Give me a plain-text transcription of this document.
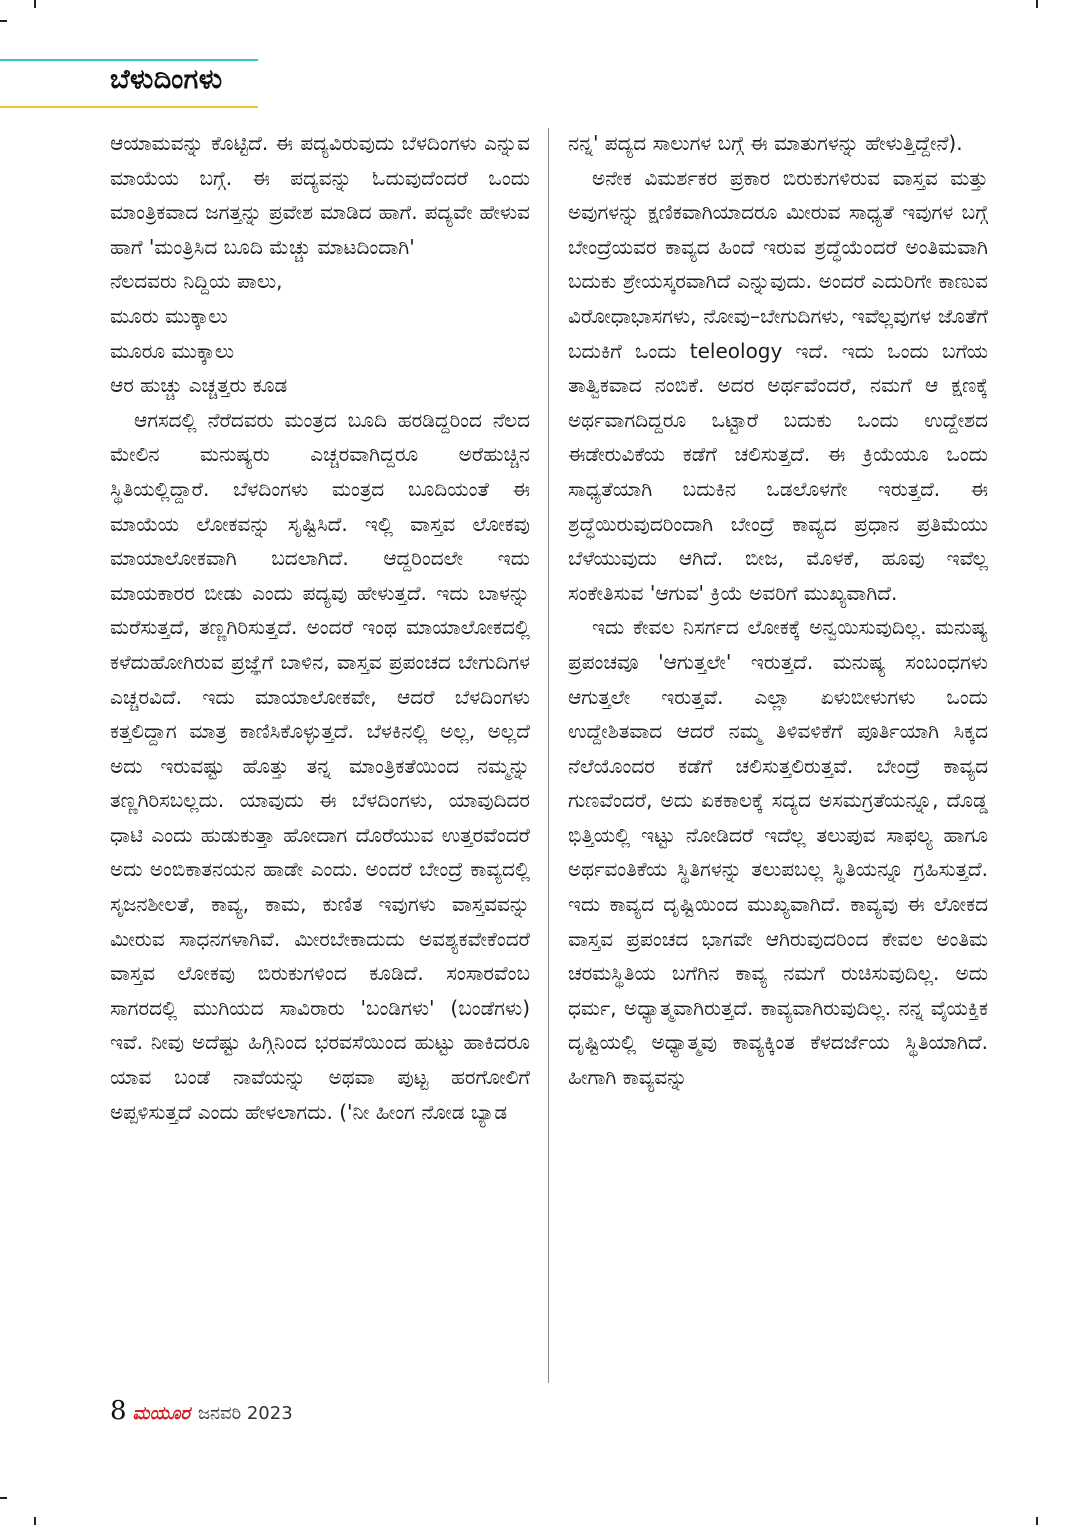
ಬೆಳುದಿಂಗಳು

ಆಯಾಮವನ್ನು ಕೊಟ್ಟಿದೆ. ಈ ಪದ್ಯವಿರುವುದು ಬೆಳದಿಂಗಳು ಎನ್ನುವ ಮಾಯೆಯ ಬಗ್ಗೆ. ಈ ಪದ್ಯವನ್ನು ಓದುವುದೆಂದರೆ ಒಂದು ಮಾಂತ್ರಿಕವಾದ ಜಗತ್ತನ್ನು ಪ್ರವೇಶ ಮಾಡಿದ ಹಾಗೆ. ಪದ್ಯವೇ ಹೇಳುವ ಹಾಗೆ 'ಮಂತ್ರಿಸಿದ ಬೂದಿ ಮೆಚ್ಚು ಮಾಟದಿಂದಾಗಿ'

ನೆಲದವರು ನಿದ್ದಿಯ ಪಾಲು,

ಮೂರು ಮುಕ್ಕಾಲು

ಮೂರೂ ಮುಕ್ಕಾಲು

ಆರ ಹುಚ್ಚು ಎಚ್ಚತ್ತರು ಕೂಡ

ಆಗಸದಲ್ಲಿ ನೆರೆದವರು ಮಂತ್ರದ ಬೂದಿ ಹರಡಿದ್ದರಿಂದ ನೆಲದ ಮೇಲಿನ ಮನುಷ್ಯರು ಎಚ್ಚರವಾಗಿದ್ದರೂ ಅರೆಹುಚ್ಚಿನ ಸ್ಥಿತಿಯಲ್ಲಿದ್ದಾರೆ. ಬೆಳದಿಂಗಳು ಮಂತ್ರದ ಬೂದಿಯಂತೆ ಈ ಮಾಯೆಯ ಲೋಕವನ್ನು ಸೃಷ್ಟಿಸಿದೆ. ಇಲ್ಲಿ ವಾಸ್ತವ ಲೋಕವು ಮಾಯಾಲೋಕವಾಗಿ ಬದಲಾಗಿದೆ. ಆದ್ದರಿಂದಲೇ ಇದು ಮಾಯಕಾರರ ಬೀಡು ಎಂದು ಪದ್ಯವು ಹೇಳುತ್ತದೆ. ಇದು ಬಾಳನ್ನು ಮರೆಸುತ್ತದೆ, ತಣ್ಣಗಿರಿಸುತ್ತದೆ. ಅಂದರೆ ಇಂಥ ಮಾಯಾಲೋಕದಲ್ಲಿ ಕಳೆದುಹೋಗಿರುವ ಪ್ರಜ್ಞೆಗೆ ಬಾಳಿನ, ವಾಸ್ತವ ಪ್ರಪಂಚದ ಬೇಗುದಿಗಳ ಎಚ್ಚರವಿದೆ. ಇದು ಮಾಯಾಲೋಕವೇ, ಆದರೆ ಬೆಳದಿಂಗಳು ಕತ್ತಲಿದ್ದಾಗ ಮಾತ್ರ ಕಾಣಿಸಿಕೊಳ್ಳುತ್ತದೆ. ಬೆಳಕಿನಲ್ಲಿ ಅಲ್ಲ, ಅಲ್ಲದೆ ಅದು ಇರುವಷ್ಟು ಹೊತ್ತು ತನ್ನ ಮಾಂತ್ರಿಕತೆಯಿಂದ ನಮ್ಮನ್ನು ತಣ್ಣಗಿರಿಸಬಲ್ಲದು. ಯಾವುದು ಈ ಬೆಳದಿಂಗಳು, ಯಾವುದಿದರ ಧಾಟಿ ಎಂದು ಹುಡುಕುತ್ತಾ ಹೋದಾಗ ದೊರೆಯುವ ಉತ್ತರವೆಂದರೆ ಅದು ಅಂಬಿಕಾತನಯನ ಹಾಡೇ ಎಂದು. ಅಂದರೆ ಬೇಂದ್ರೆ ಕಾವ್ಯದಲ್ಲಿ ಸೃಜನಶೀಲತೆ, ಕಾವ್ಯ, ಕಾಮ, ಕುಣಿತ ಇವುಗಳು ವಾಸ್ತವವನ್ನು ಮೀರುವ ಸಾಧನಗಳಾಗಿವೆ. ಮೀರಬೇಕಾದುದು ಅವಶ್ಯಕವೇಕೆಂದರೆ ವಾಸ್ತವ ಲೋಕವು ಬಿರುಕುಗಳಿಂದ ಕೂಡಿದೆ. ಸಂಸಾರವೆಂಬ ಸಾಗರದಲ್ಲಿ ಮುಗಿಯದ ಸಾವಿರಾರು 'ಬಂಡಿಗಳು' (ಬಂಡೆಗಳು) ಇವೆ. ನೀವು ಅದೆಷ್ಟು ಹಿಗ್ಗಿನಿಂದ ಭರವಸೆಯಿಂದ ಹುಟ್ಟು ಹಾಕಿದರೂ ಯಾವ ಬಂಡೆ ನಾವೆಯನ್ನು ಅಥವಾ ಪುಟ್ಟ ಹರಗೋಲಿಗೆ ಅಪ್ಪಳಿಸುತ್ತದೆ ಎಂದು ಹೇಳಲಾಗದು. ('ನೀ ಹೀಂಗ ನೋಡ ಬ್ಯಾಡ

ನನ್ನ' ಪದ್ಯದ ಸಾಲುಗಳ ಬಗ್ಗೆ ಈ ಮಾತುಗಳನ್ನು ಹೇಳುತ್ತಿದ್ದೇನೆ).

ಅನೇಕ ವಿಮರ್ಶಕರ ಪ್ರಕಾರ ಬಿರುಕುಗಳಿರುವ ವಾಸ್ತವ ಮತ್ತು ಅವುಗಳನ್ನು ಕ್ಷಣಿಕವಾಗಿಯಾದರೂ ಮೀರುವ ಸಾಧ್ಯತೆ ಇವುಗಳ ಬಗ್ಗೆ ಬೇಂದ್ರೆಯವರ ಕಾವ್ಯದ ಹಿಂದೆ ಇರುವ ಶ್ರದ್ಧೆಯೆಂದರೆ ಅಂತಿಮವಾಗಿ ಬದುಕು ಶ್ರೇಯಸ್ಕರವಾಗಿದೆ ಎನ್ನುವುದು. ಅಂದರೆ ಎದುರಿಗೇ ಕಾಣುವ ವಿರೋಧಾಭಾಸಗಳು, ನೋವು–ಬೇಗುದಿಗಳು, ಇವೆಲ್ಲವುಗಳ ಜೊತೆಗೆ ಬದುಕಿಗೆ ಒಂದು teleology ಇದೆ. ಇದು ಒಂದು ಬಗೆಯ ತಾತ್ವಿಕವಾದ ನಂಬಿಕೆ. ಅದರ ಅರ್ಥವೆಂದರೆ, ನಮಗೆ ಆ ಕ್ಷಣಕ್ಕೆ ಅರ್ಥವಾಗದಿದ್ದರೂ ಒಟ್ಟಾರೆ ಬದುಕು ಒಂದು ಉದ್ದೇಶದ ಈಡೇರುವಿಕೆಯ ಕಡೆಗೆ ಚಲಿಸುತ್ತದೆ. ಈ ಕ್ರಿಯೆಯೂ ಒಂದು ಸಾಧ್ಯತೆಯಾಗಿ ಬದುಕಿನ ಒಡಲೊಳಗೇ ಇರುತ್ತದೆ. ಈ ಶ್ರದ್ಧೆಯಿರುವುದರಿಂದಾಗಿ ಬೇಂದ್ರೆ ಕಾವ್ಯದ ಪ್ರಧಾನ ಪ್ರತಿಮೆಯು ಬೆಳೆಯುವುದು ಆಗಿದೆ. ಬೀಜ, ಮೊಳಕೆ, ಹೂವು ಇವೆಲ್ಲ ಸಂಕೇತಿಸುವ 'ಆಗುವ' ಕ್ರಿಯೆ ಅವರಿಗೆ ಮುಖ್ಯವಾಗಿದೆ.

ಇದು ಕೇವಲ ನಿಸರ್ಗದ ಲೋಕಕ್ಕೆ ಅನ್ವಯಿಸುವುದಿಲ್ಲ. ಮನುಷ್ಯ ಪ್ರಪಂಚವೂ 'ಆಗುತ್ತಲೇ' ಇರುತ್ತದೆ. ಮನುಷ್ಯ ಸಂಬಂಧಗಳು ಆಗುತ್ತಲೇ ಇರುತ್ತವೆ. ಎಲ್ಲಾ ಏಳುಬೀಳುಗಳು ಒಂದು ಉದ್ದೇಶಿತವಾದ ಆದರೆ ನಮ್ಮ ತಿಳಿವಳಿಕೆಗೆ ಪೂರ್ತಿಯಾಗಿ ಸಿಕ್ಕದ ನೆಲೆಯೊಂದರ ಕಡೆಗೆ ಚಲಿಸುತ್ತಲಿರುತ್ತವೆ. ಬೇಂದ್ರೆ ಕಾವ್ಯದ ಗುಣವೆಂದರೆ, ಅದು ಏಕಕಾಲಕ್ಕೆ ಸದ್ಯದ ಅಸಮಗ್ರತೆಯನ್ನೂ, ದೊಡ್ಡ ಭಿತ್ತಿಯಲ್ಲಿ ಇಟ್ಟು ನೋಡಿದರೆ ಇದೆಲ್ಲ ತಲುಪುವ ಸಾಫಲ್ಯ ಹಾಗೂ ಅರ್ಥವಂತಿಕೆಯ ಸ್ಥಿತಿಗಳನ್ನು ತಲುಪಬಲ್ಲ ಸ್ಥಿತಿಯನ್ನೂ ಗ್ರಹಿಸುತ್ತದೆ. ಇದು ಕಾವ್ಯದ ದೃಷ್ಟಿಯಿಂದ ಮುಖ್ಯವಾಗಿದೆ. ಕಾವ್ಯವು ಈ ಲೋಕದ ವಾಸ್ತವ ಪ್ರಪಂಚದ ಭಾಗವೇ ಆಗಿರುವುದರಿಂದ ಕೇವಲ ಅಂತಿಮ ಚರಮಸ್ಥಿತಿಯ ಬಗೆಗಿನ ಕಾವ್ಯ ನಮಗೆ ರುಚಿಸುವುದಿಲ್ಲ. ಅದು ಧರ್ಮ, ಅಧ್ಯಾತ್ಮವಾಗಿರುತ್ತದೆ. ಕಾವ್ಯವಾಗಿರುವುದಿಲ್ಲ. ನನ್ನ ವೈಯಕ್ತಿಕ ದೃಷ್ಟಿಯಲ್ಲಿ ಅಧ್ಯಾತ್ಮವು ಕಾವ್ಯಕ್ಕಿಂತ ಕೆಳದರ್ಜೆಯ ಸ್ಥಿತಿಯಾಗಿದೆ. ಹೀಗಾಗಿ ಕಾವ್ಯವನ್ನು

8 ಮಯೂರ ಜನವರಿ 2023
